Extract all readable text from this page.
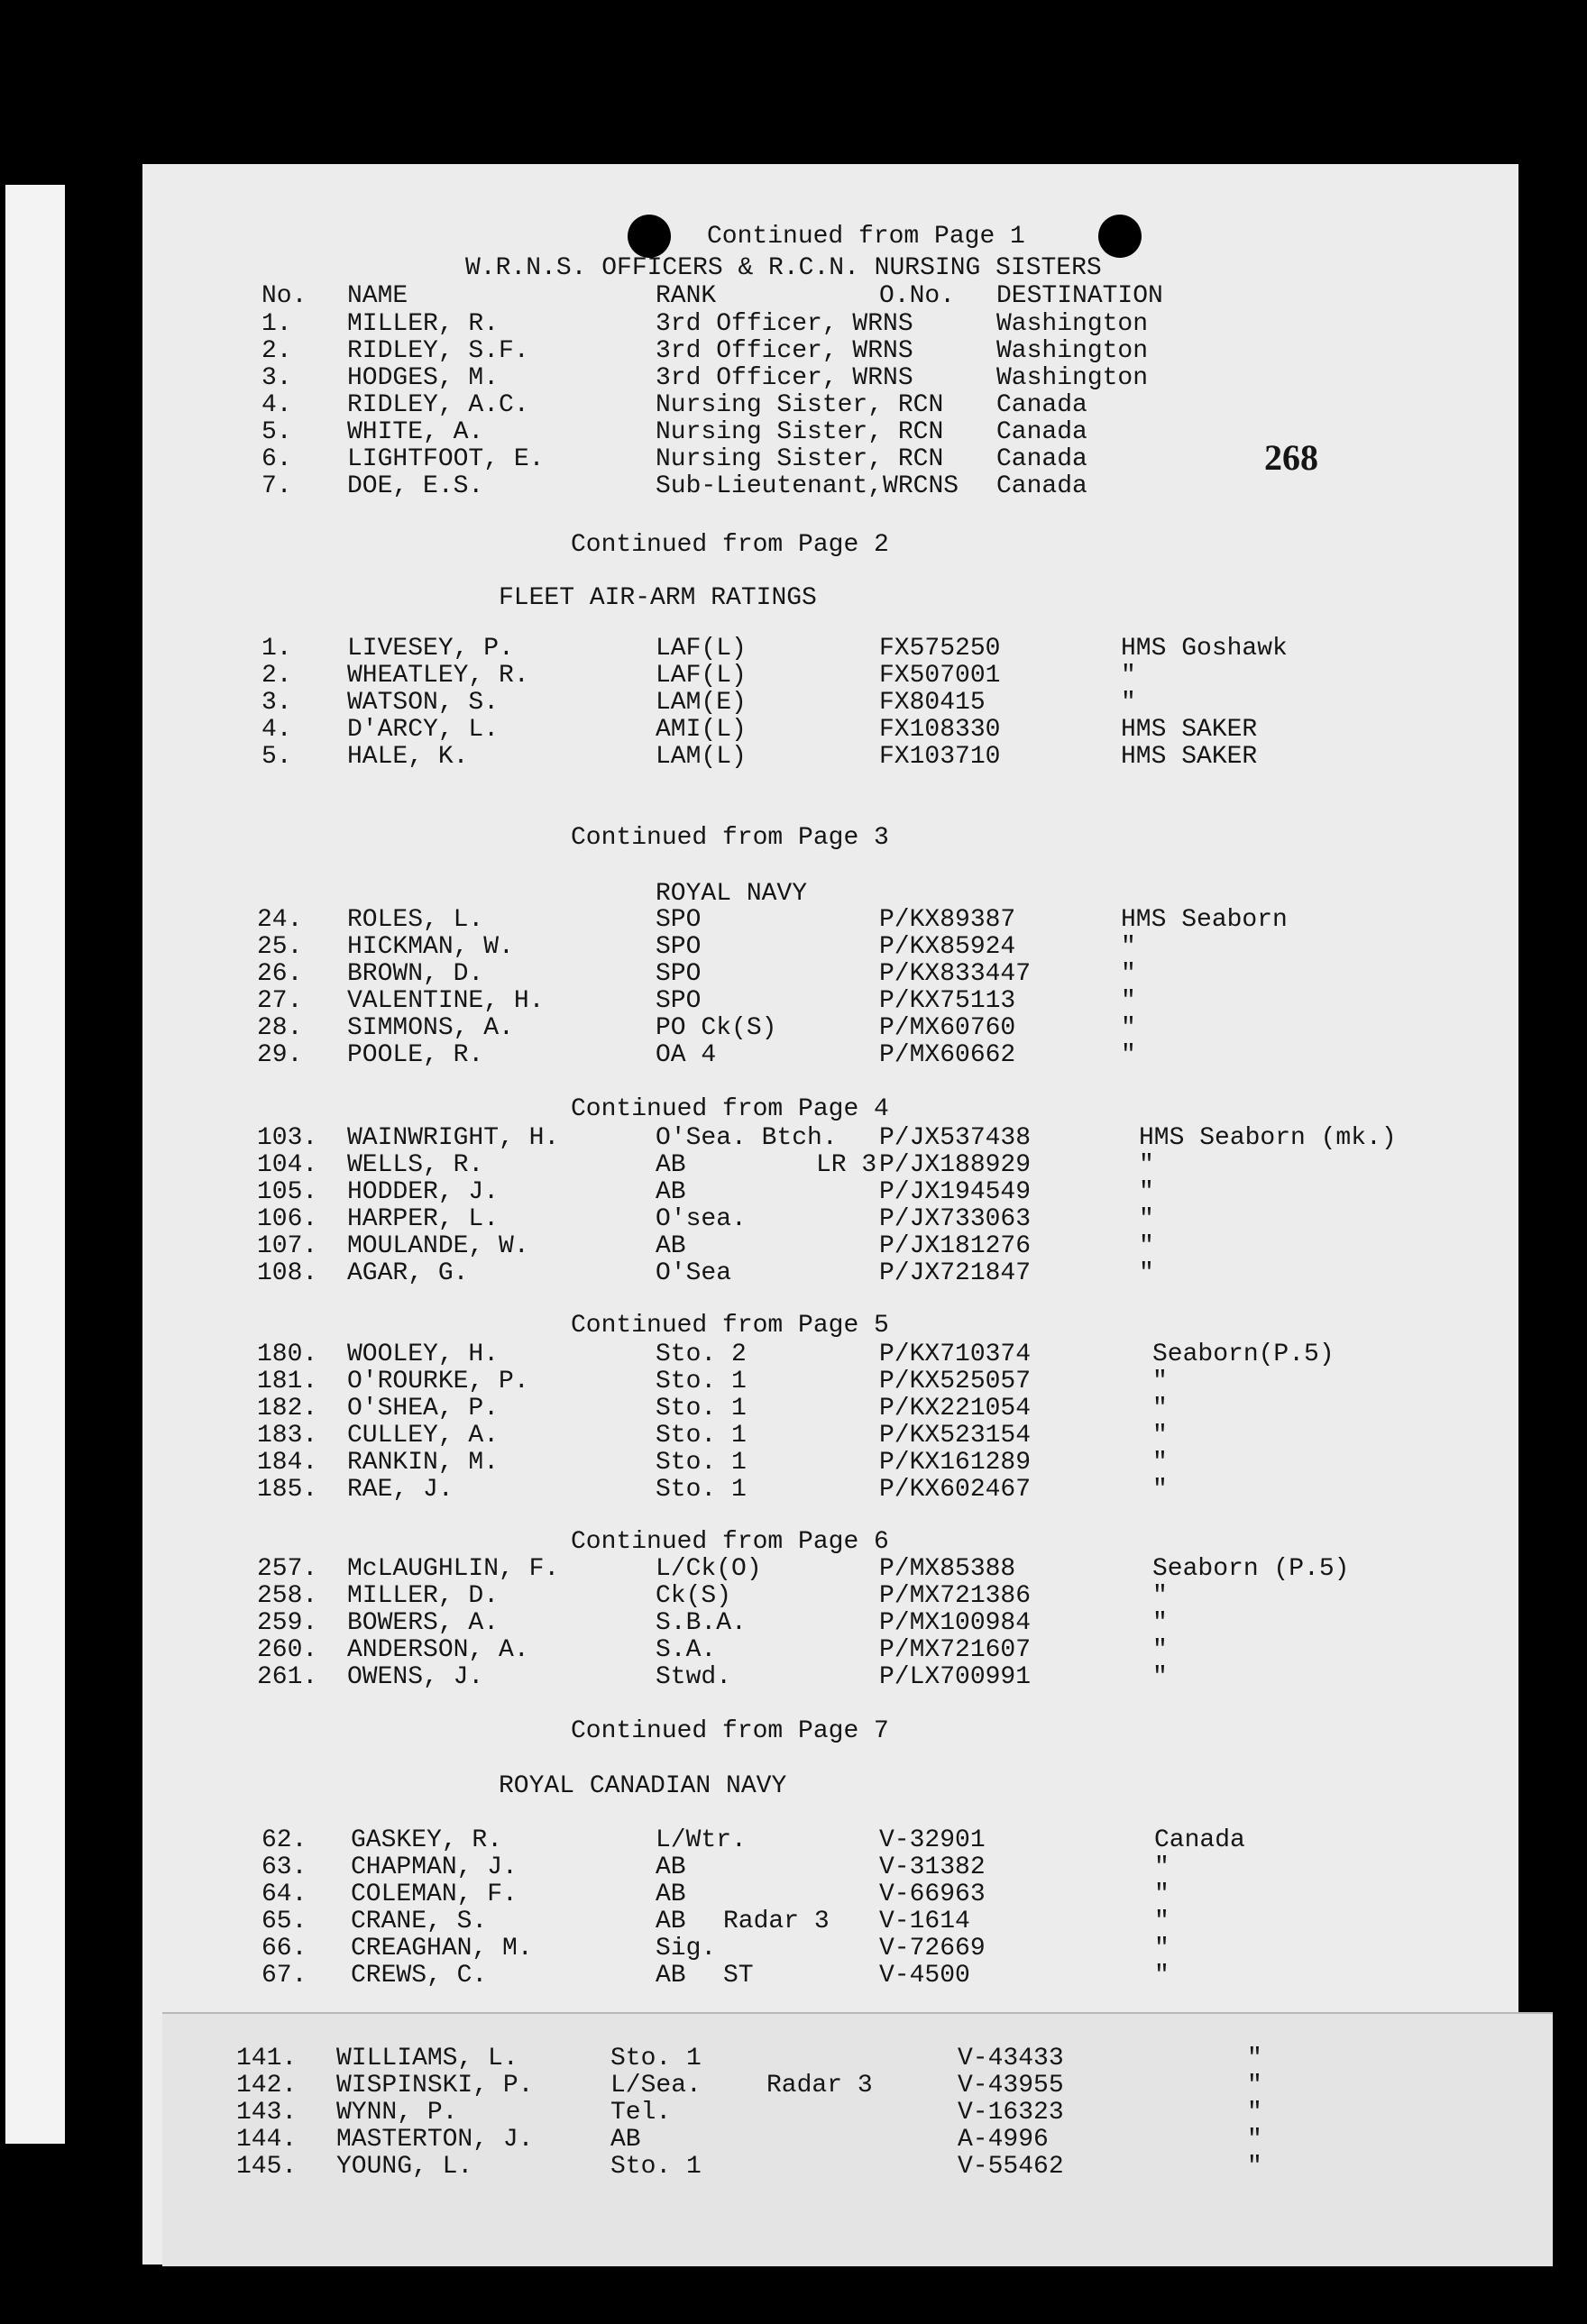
268
Continued from Page 1
W.R.N.S. OFFICERS & R.C.N. NURSING SISTERS
No. NAME	RANK	O.No. DESTINATION
1. MILLER, R.	3rd Officer, WRNS	Washington
2. RIDLEY, S.F.	3rd Officer, WRNS	Washington
3. HODGES, M.	3rd Officer, WRNS	Washington
4. RIDLEY, A.C.	Nursing Sister, RCN Canada
5. WHITE, A.	Nursing Sister, RCN Canada
6. LIGHTFOOT, E.	Nursing Sister, RCN Canada
7. DOE, E.S.	Sub-Lieutenant,WRCNS Canada
Continued from Page 2
FLEET AIR-ARM RATINGS
1. LIVESEY, P.	LAF(L)	FX575250	HMS Goshawk
2. WHEATLEY, R.	LAF(L)	FX507001	"
3. WATSON, S.	LAM(E)	FX80415	"
4. D'ARCY, L.	AMI(L)	FX108330	HMS SAKER
5. HALE, K.	LAM(L)	FX103710	HMS SAKER
Continued from Page 3
ROYAL NAVY
24. ROLES, L.	SPO	P/KX89387	HMS Seaborn
25. HICKMAN, W.	SPO	P/KX85924	"
26. BROWN, D.	SPO	P/KX833447	"
27. VALENTINE, H.	SPO	P/KX75113	"
28. SIMMONS, A.	PO Ck(S)	P/MX60760	"
29. POOLE, R.	OA 4	P/MX60662	"
Continued from Page 4
103. WAINWRIGHT, H.	O'Sea. Btch. P/JX537438	HMS Seaborn (mk.)
104. WELLS, R.	AB	LR 3 P/JX188929	"
105. HODDER, J.	AB	P/JX194549	"
106. HARPER, L.	O'sea.	P/JX733063	"
107. MOULANDE, W.	AB	P/JX181276	"
108. AGAR, G.	O'Sea	P/JX721847	"
Continued from Page 5
180. WOOLEY, H.	Sto. 2	P/KX710374	Seaborn(P.5)
181. O'ROURKE, P.	Sto. 1	P/KX525057	"
182. O'SHEA, P.	Sto. 1	P/KX221054	"
183. CULLEY, A.	Sto. 1	P/KX523154	"
184. RANKIN, M.	Sto. 1	P/KX161289	"
185. RAE, J.	Sto. 1	P/KX602467	"
Continued from Page 6
257. McLAUGHLIN, F.	L/Ck(O)	P/MX85388	Seaborn (P.5)
258. MILLER, D.	Ck(S)	P/MX721386	"
259. BOWERS, A.	S.B.A.	P/MX100984	"
260. ANDERSON, A.	S.A.	P/MX721607	"
261. OWENS, J.	Stwd.	P/LX700991	"
Continued from Page 7
ROYAL CANADIAN NAVY
62. GASKEY, R.	L/Wtr.	V-32901	Canada
63. CHAPMAN, J.	AB	V-31382	"
64. COLEMAN, F.	AB	V-66963	"
65. CRANE, S.	AB Radar 3 V-1614	"
66. CREAGHAN, M.	Sig.	V-72669	"
67. CREWS, C.	AB ST	V-4500	"
141. WILLIAMS, L.	Sto. 1	V-43433	"
142. WISPINSKI, P.	L/Sea.	Radar 3	V-43955	"
143. WYNN, P.	Tel.	V-16323	"
144. MASTERTON, J.	AB	A-4996	"
145. YOUNG, L.	Sto. 1	V-55462	"
